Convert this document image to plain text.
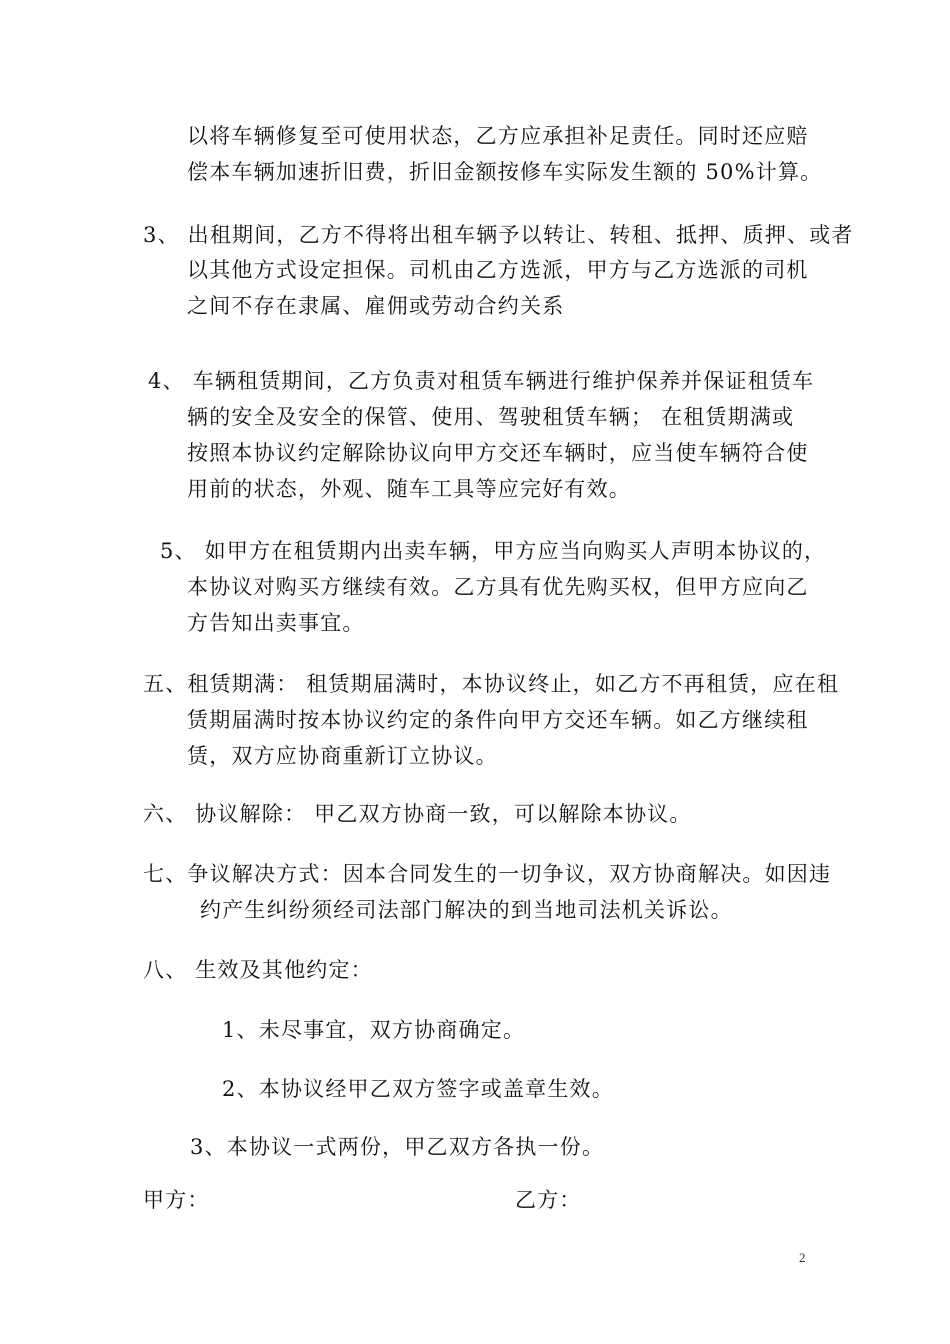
以将车辆修复至可使用状态，乙方应承担补足责任。同时还应赔
偿本车辆加速折旧费，折旧金额按修车实际发生额的 50%计算。
3、 出租期间，乙方不得将出租车辆予以转让、转租、抵押、质押、或者
以其他方式设定担保。司机由乙方选派，甲方与乙方选派的司机
之间不存在隶属、雇佣或劳动合约关系
4、 车辆租赁期间，乙方负责对租赁车辆进行维护保养并保证租赁车
辆的安全及安全的保管、使用、驾驶租赁车辆； 在租赁期满或
按照本协议约定解除协议向甲方交还车辆时，应当使车辆符合使
用前的状态，外观、随车工具等应完好有效。
5、 如甲方在租赁期内出卖车辆，甲方应当向购买人声明本协议的，
本协议对购买方继续有效。乙方具有优先购买权，但甲方应向乙
方告知出卖事宜。
五、租赁期满： 租赁期届满时，本协议终止，如乙方不再租赁，应在租
赁期届满时按本协议约定的条件向甲方交还车辆。如乙方继续租
赁，双方应协商重新订立协议。
六、 协议解除： 甲乙双方协商一致，可以解除本协议。
七、争议解决方式：因本合同发生的一切争议，双方协商解决。如因违
约产生纠纷须经司法部门解决的到当地司法机关诉讼。
八、 生效及其他约定：
1、未尽事宜，双方协商确定。
2、本协议经甲乙双方签字或盖章生效。
3、本协议一式两份，甲乙双方各执一份。
甲方：	乙方：
2
